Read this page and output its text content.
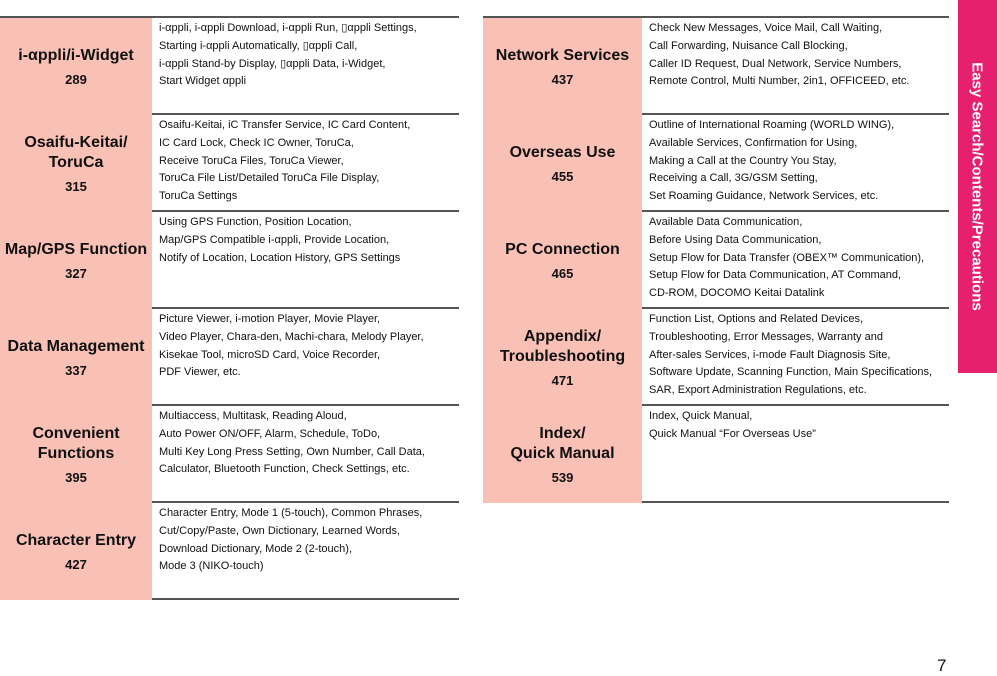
i-αppli/i-Widget
289
i-αppli, i-αppli Download, i-αppli Run, ▯αppli Settings,
Starting i-αppli Automatically, ▯αppli Call,
i-αppli Stand-by Display, ▯αppli Data, i-Widget,
Start Widget αppli
Osaifu-Keitai/
ToruCa
315
Osaifu-Keitai, iC Transfer Service, IC Card Content,
IC Card Lock, Check IC Owner, ToruCa,
Receive ToruCa Files, ToruCa Viewer,
ToruCa File List/Detailed ToruCa File Display,
ToruCa Settings
Map/GPS Function
327
Using GPS Function, Position Location,
Map/GPS Compatible i-αppli, Provide Location,
Notify of Location, Location History, GPS Settings
Data Management
337
Picture Viewer, i-motion Player, Movie Player,
Video Player, Chara-den, Machi-chara, Melody Player,
Kisekae Tool, microSD Card, Voice Recorder,
PDF Viewer, etc.
Convenient
Functions
395
Multiaccess, Multitask, Reading Aloud,
Auto Power ON/OFF, Alarm, Schedule, ToDo,
Multi Key Long Press Setting, Own Number, Call Data,
Calculator, Bluetooth Function, Check Settings, etc.
Character Entry
427
Character Entry, Mode 1 (5-touch), Common Phrases,
Cut/Copy/Paste, Own Dictionary, Learned Words,
Download Dictionary, Mode 2 (2-touch),
Mode 3 (NIKO-touch)
Network Services
437
Check New Messages, Voice Mail, Call Waiting,
Call Forwarding, Nuisance Call Blocking,
Caller ID Request, Dual Network, Service Numbers,
Remote Control, Multi Number, 2in1, OFFICEED, etc.
Overseas Use
455
Outline of International Roaming (WORLD WING),
Available Services, Confirmation for Using,
Making a Call at the Country You Stay,
Receiving a Call, 3G/GSM Setting,
Set Roaming Guidance, Network Services, etc.
PC Connection
465
Available Data Communication,
Before Using Data Communication,
Setup Flow for Data Transfer (OBEX™ Communication),
Setup Flow for Data Communication, AT Command,
CD-ROM, DOCOMO Keitai Datalink
Appendix/
Troubleshooting
471
Function List, Options and Related Devices,
Troubleshooting, Error Messages, Warranty and
After-sales Services, i-mode Fault Diagnosis Site,
Software Update, Scanning Function, Main Specifications,
SAR, Export Administration Regulations, etc.
Index/
Quick Manual
539
Index, Quick Manual,
Quick Manual “For Overseas Use”
Easy Search/Contents/Precautions
7
